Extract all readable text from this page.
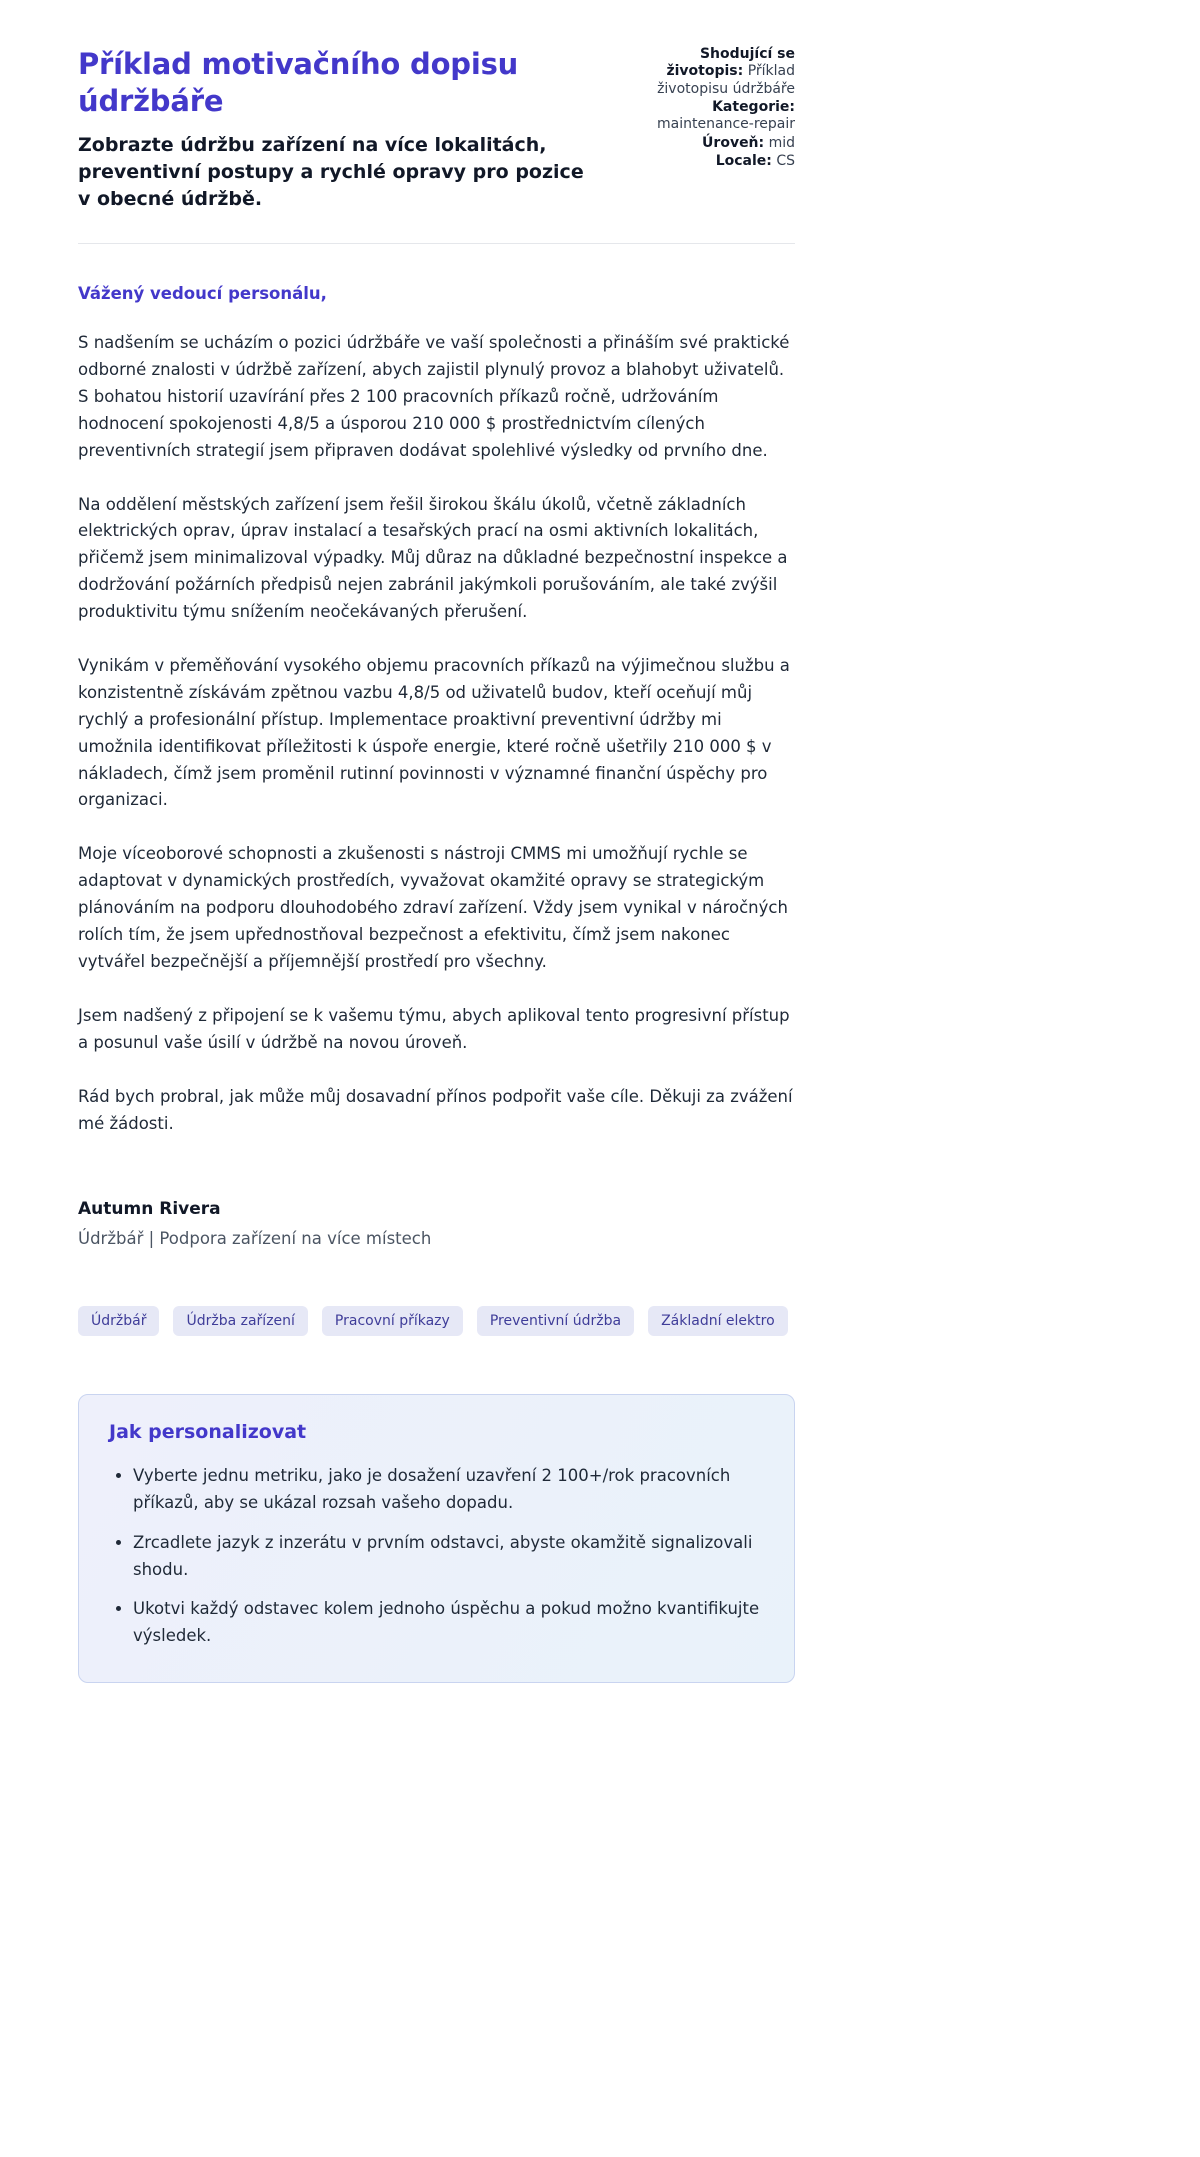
Příklad motivačního dopisu údržbáře

Zobrazte údržbu zařízení na více lokalitách, preventivní postupy a rychlé opravy pro pozice v obecné údržbě.

Shodující se životopis: Příklad životopisu údržbáře
Kategorie: maintenance-repair
Úroveň: mid
Locale: CS

Vážený vedoucí personálu,

S nadšením se ucházím o pozici údržbáře ve vaší společnosti a přináším své praktické odborné znalosti v údržbě zařízení, abych zajistil plynulý provoz a blahobyt uživatelů. S bohatou historií uzavírání přes 2 100 pracovních příkazů ročně, udržováním hodnocení spokojenosti 4,8/5 a úsporou 210 000 $ prostřednictvím cílených preventivních strategií jsem připraven dodávat spolehlivé výsledky od prvního dne.

Na oddělení městských zařízení jsem řešil širokou škálu úkolů, včetně základních elektrických oprav, úprav instalací a tesařských prací na osmi aktivních lokalitách, přičemž jsem minimalizoval výpadky. Můj důraz na důkladné bezpečnostní inspekce a dodržování požárních předpisů nejen zabránil jakýmkoli porušováním, ale také zvýšil produktivitu týmu snížením neočekávaných přerušení.

Vynikám v přeměňování vysokého objemu pracovních příkazů na výjimečnou službu a konzistentně získávám zpětnou vazbu 4,8/5 od uživatelů budov, kteří oceňují můj rychlý a profesionální přístup. Implementace proaktivní preventivní údržby mi umožnila identifikovat příležitosti k úspoře energie, které ročně ušetřily 210 000 $ v nákladech, čímž jsem proměnil rutinní povinnosti v významné finanční úspěchy pro organizaci.

Moje víceoborové schopnosti a zkušenosti s nástroji CMMS mi umožňují rychle se adaptovat v dynamických prostředích, vyvažovat okamžité opravy se strategickým plánováním na podporu dlouhodobého zdraví zařízení. Vždy jsem vynikal v náročných rolích tím, že jsem upřednostňoval bezpečnost a efektivitu, čímž jsem nakonec vytvářel bezpečnější a příjemnější prostředí pro všechny.

Jsem nadšený z připojení se k vašemu týmu, abych aplikoval tento progresivní přístup a posunul vaše úsilí v údržbě na novou úroveň.

Rád bych probral, jak může můj dosavadní přínos podpořit vaše cíle. Děkuji za zvážení mé žádosti.

Autumn Rivera

Údržbář | Podpora zařízení na více místech

Údržbář	Údržba zařízení	Pracovní příkazy	Preventivní údržba	Základní elektro
Jak personalizovat
• Vyberte jednu metriku, jako je dosažení uzavření 2 100+/rok pracovních příkazů, aby se ukázal rozsah vašeho dopadu.
• Zrcadlete jazyk z inzerátu v prvním odstavci, abyste okamžitě signalizovali shodu.
• Ukotvi každý odstavec kolem jednoho úspěchu a pokud možno kvantifikujte výsledek.
